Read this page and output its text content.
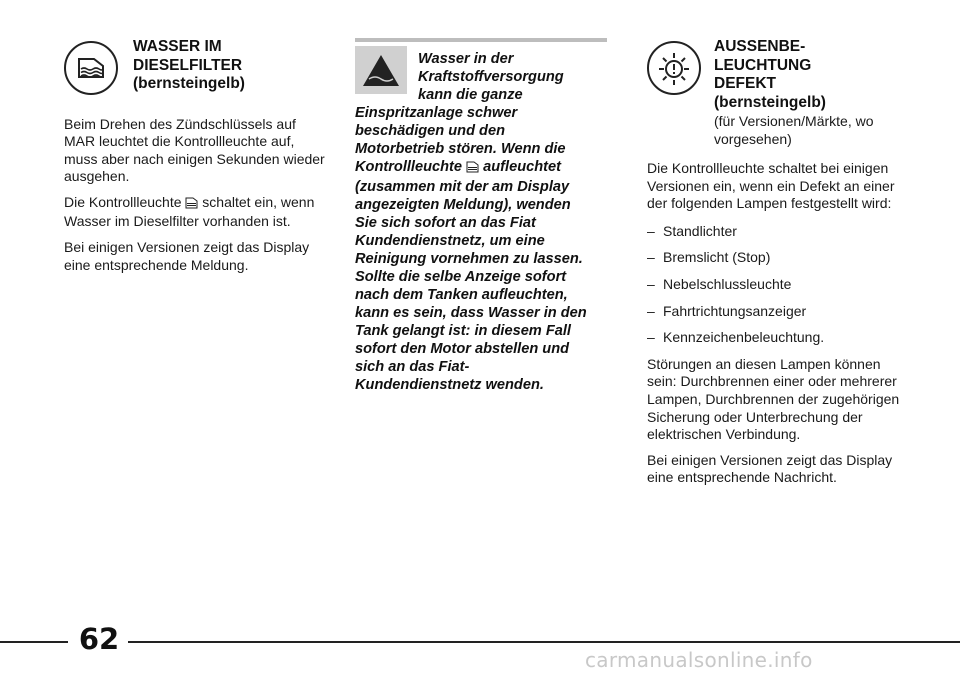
WASSER IM
DIESELFILTER
(bernsteingelb)
Beim Drehen des Zündschlüssels auf MAR leuchtet die Kontrollleuchte auf, muss aber nach einigen Sekunden wieder ausgehen.
Die Kontrollleuchte  schaltet ein, wenn Wasser im Dieselfilter vorhanden ist.
Bei einigen Versionen zeigt das Display eine entsprechende Meldung.
Wasser in der
Kraftstoffversorgung
kann die ganze
Einspritzanlage schwer
beschädigen und den
Motorbetrieb stören. Wenn die
Kontrollleuchte  aufleuchtet
(zusammen mit der am Display
angezeigten Meldung), wenden
Sie sich sofort an das Fiat
Kundendienstnetz, um eine
Reinigung vornehmen zu lassen.
Sollte die selbe Anzeige sofort
nach dem Tanken aufleuchten,
kann es sein, dass Wasser in den
Tank gelangt ist: in diesem Fall
sofort den Motor abstellen und
sich an das Fiat-
Kundendienstnetz wenden.
AUSSENBE-
LEUCHTUNG
DEFEKT
(bernsteingelb)
(für Versionen/Märkte, wo
vorgesehen)
Die Kontrollleuchte schaltet bei einigen Versionen ein, wenn ein Defekt an einer der folgenden Lampen festgestellt wird:
– Standlichter
– Bremslicht (Stop)
– Nebelschlussleuchte
– Fahrtrichtungsanzeiger
– Kennzeichenbeleuchtung.
Störungen an diesen Lampen können sein: Durchbrennen einer oder mehrerer Lampen, Durchbrennen der zugehörigen Sicherung oder Unterbrechung der elektrischen Verbindung.
Bei einigen Versionen zeigt das Display eine entsprechende Nachricht.
62
carmanualsonline.info
